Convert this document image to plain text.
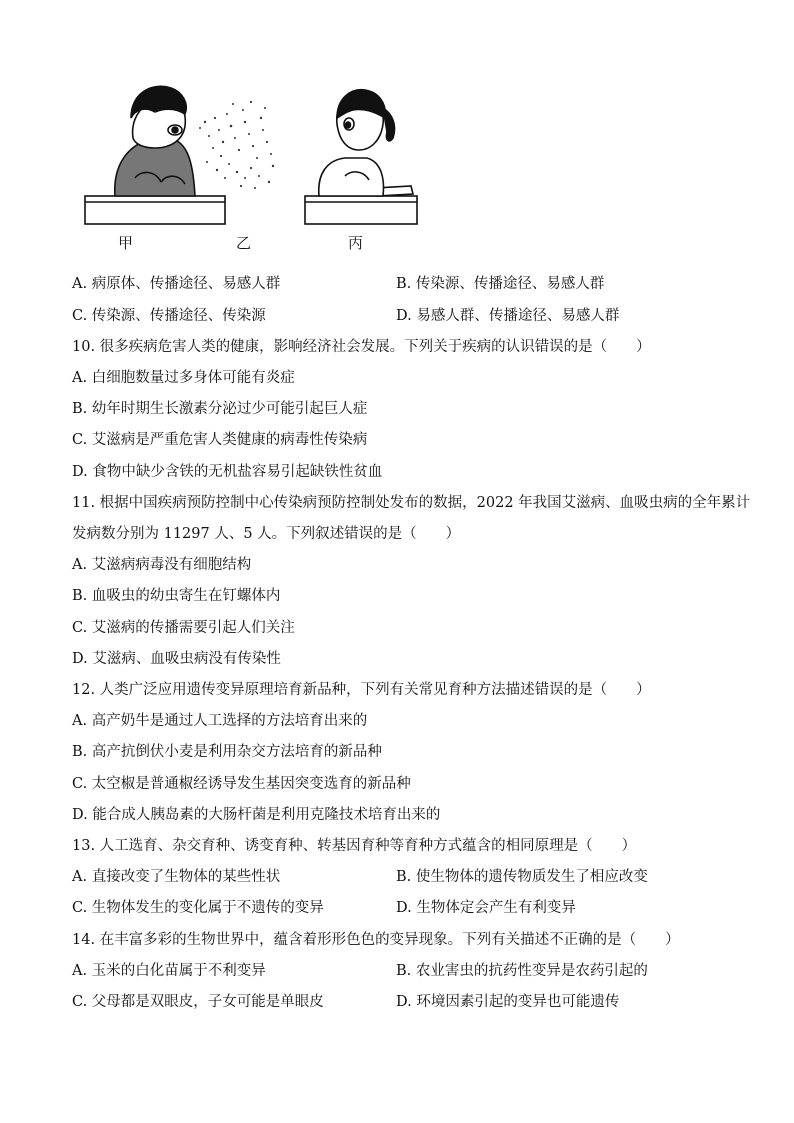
甲	乙	丙
A. 病原体、传播途径、易感人群	B. 传染源、传播途径、易感人群
C. 传染源、传播途径、传染源	D. 易感人群、传播途径、易感人群
10. 很多疾病危害人类的健康，影响经济社会发展。下列关于疾病的认识错误的是（　　）
A. 白细胞数量过多身体可能有炎症
B. 幼年时期生长激素分泌过少可能引起巨人症
C. 艾滋病是严重危害人类健康的病毒性传染病
D. 食物中缺少含铁的无机盐容易引起缺铁性贫血
11. 根据中国疾病预防控制中心传染病预防控制处发布的数据，2022 年我国艾滋病、血吸虫病的全年累计
发病数分别为 11297 人、5 人。下列叙述错误的是（　　）
A. 艾滋病病毒没有细胞结构
B. 血吸虫的幼虫寄生在钉螺体内
C. 艾滋病的传播需要引起人们关注
D. 艾滋病、血吸虫病没有传染性
12. 人类广泛应用遗传变异原理培育新品种，下列有关常见育种方法描述错误的是（　　）
A. 高产奶牛是通过人工选择的方法培育出来的
B. 高产抗倒伏小麦是利用杂交方法培育的新品种
C. 太空椒是普通椒经诱导发生基因突变选育的新品种
D. 能合成人胰岛素的大肠杆菌是利用克隆技术培育出来的
13. 人工选育、杂交育种、诱变育种、转基因育种等育种方式蕴含的相同原理是（　　）
A. 直接改变了生物体的某些性状	B. 使生物体的遗传物质发生了相应改变
C. 生物体发生的变化属于不遗传的变异	D. 生物体定会产生有利变异
14. 在丰富多彩的生物世界中，蕴含着形形色色的变异现象。下列有关描述不正确的是（　　）
A. 玉米的白化苗属于不利变异	B. 农业害虫的抗药性变异是农药引起的
C. 父母都是双眼皮，子女可能是单眼皮	D. 环境因素引起的变异也可能遗传
